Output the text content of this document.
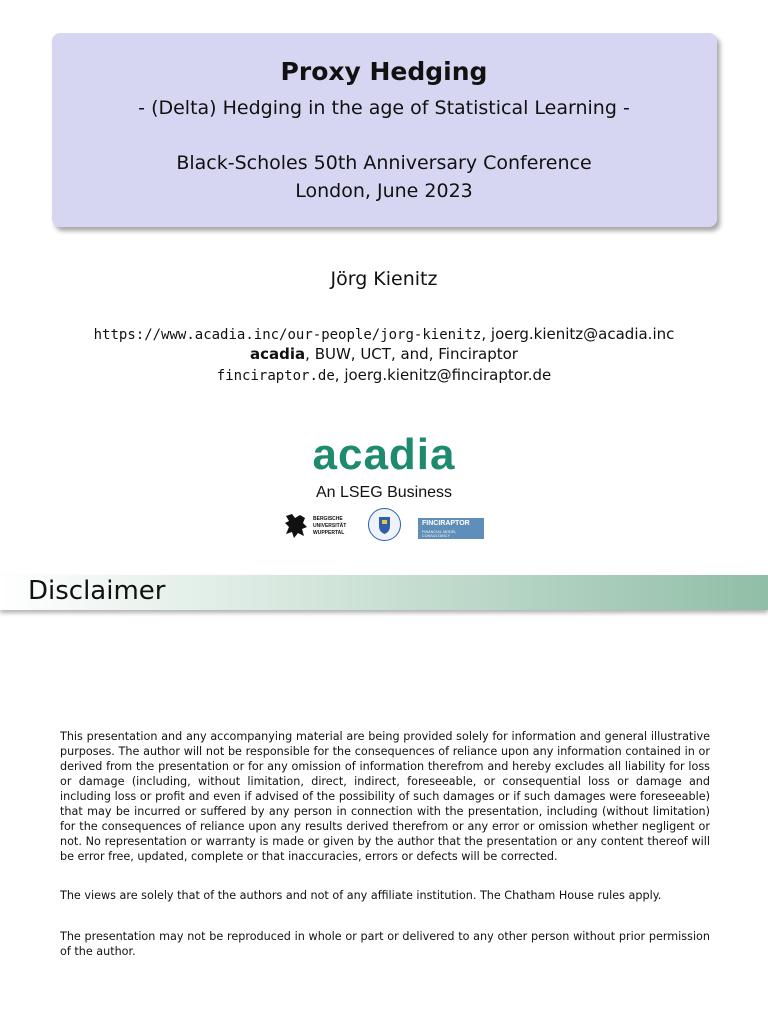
Proxy Hedging
- (Delta) Hedging in the age of Statistical Learning -
Black-Scholes 50th Anniversary Conference
London, June 2023
Jörg Kienitz
https://www.acadia.inc/our-people/jorg-kienitz, joerg.kienitz@acadia.inc
acadia, BUW, UCT, and, Finciraptor
finciraptor.de, joerg.kienitz@finciraptor.de
acadia
An LSEG Business
BERGISCHE
UNIVERSITÄT
WUPPERTAL
FINCIRAPTOR
FINANCIAL MODEL CONSULTANCY
Disclaimer
This presentation and any accompanying material are being provided solely for information and general illustrative purposes. The author will not be responsible for the consequences of reliance upon any information contained in or derived from the presentation or for any omission of information therefrom and hereby excludes all liability for loss or damage (including, without limitation, direct, indirect, foreseeable, or consequential loss or damage and including loss or profit and even if advised of the possibility of such damages or if such damages were foreseeable) that may be incurred or suffered by any person in connection with the presentation, including (without limitation) for the consequences of reliance upon any results derived therefrom or any error or omission whether negligent or not. No representation or warranty is made or given by the author that the presentation or any content thereof will be error free, updated, complete or that inaccuracies, errors or defects will be corrected.
The views are solely that of the authors and not of any affiliate institution. The Chatham House rules apply.
The presentation may not be reproduced in whole or part or delivered to any other person without prior permission of the author.
